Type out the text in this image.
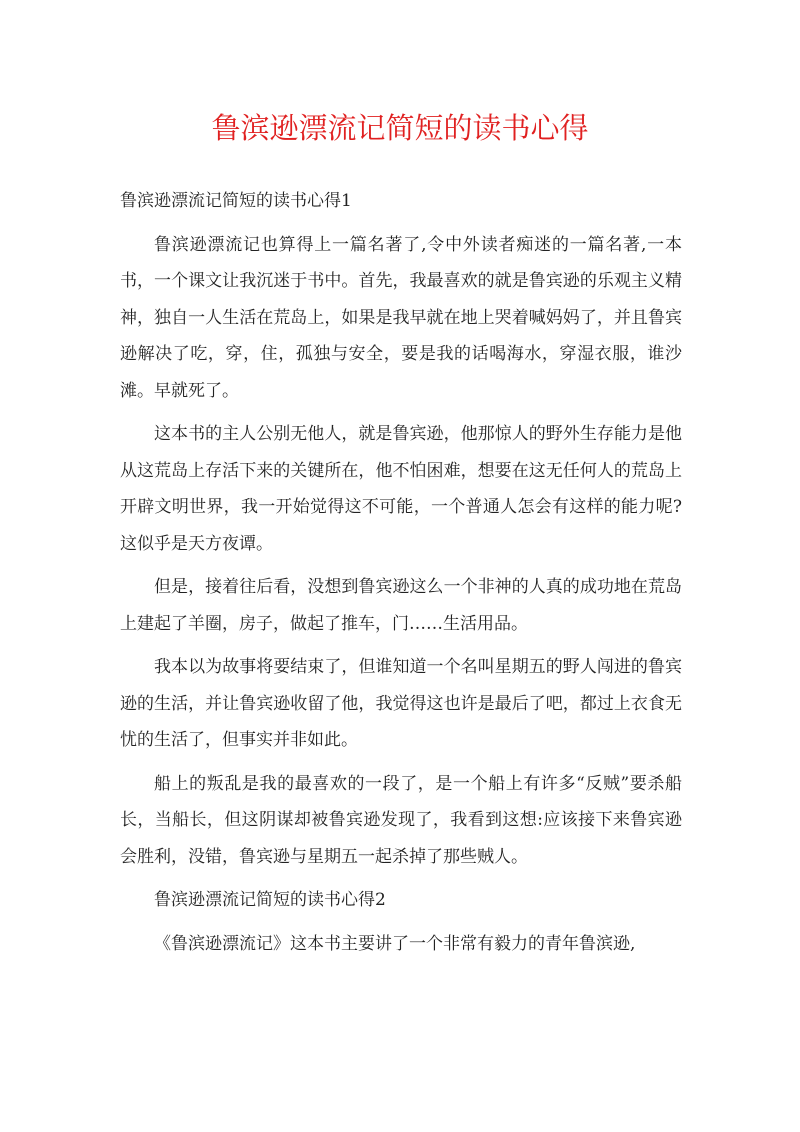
鲁滨逊漂流记简短的读书心得

鲁滨逊漂流记简短的读书心得1

鲁滨逊漂流记也算得上一篇名著了,令中外读者痴迷的一篇名著,一本书，一个课文让我沉迷于书中。首先，我最喜欢的就是鲁宾逊的乐观主义精神，独自一人生活在荒岛上，如果是我早就在地上哭着喊妈妈了，并且鲁宾逊解决了吃，穿，住，孤独与安全，要是我的话喝海水，穿湿衣服，谁沙滩。早就死了。

这本书的主人公别无他人，就是鲁宾逊，他那惊人的野外生存能力是他从这荒岛上存活下来的关键所在，他不怕困难，想要在这无任何人的荒岛上开辟文明世界，我一开始觉得这不可能，一个普通人怎会有这样的能力呢?这似乎是天方夜谭。

但是，接着往后看，没想到鲁宾逊这么一个非神的人真的成功地在荒岛上建起了羊圈，房子，做起了推车，门……生活用品。

我本以为故事将要结束了，但谁知道一个名叫星期五的野人闯进的鲁宾逊的生活，并让鲁宾逊收留了他，我觉得这也许是最后了吧，都过上衣食无忧的生活了，但事实并非如此。

船上的叛乱是我的最喜欢的一段了，是一个船上有许多“反贼”要杀船长，当船长，但这阴谋却被鲁宾逊发现了，我看到这想:应该接下来鲁宾逊会胜利，没错，鲁宾逊与星期五一起杀掉了那些贼人。

鲁滨逊漂流记简短的读书心得2

《鲁滨逊漂流记》这本书主要讲了一个非常有毅力的青年鲁滨逊,
